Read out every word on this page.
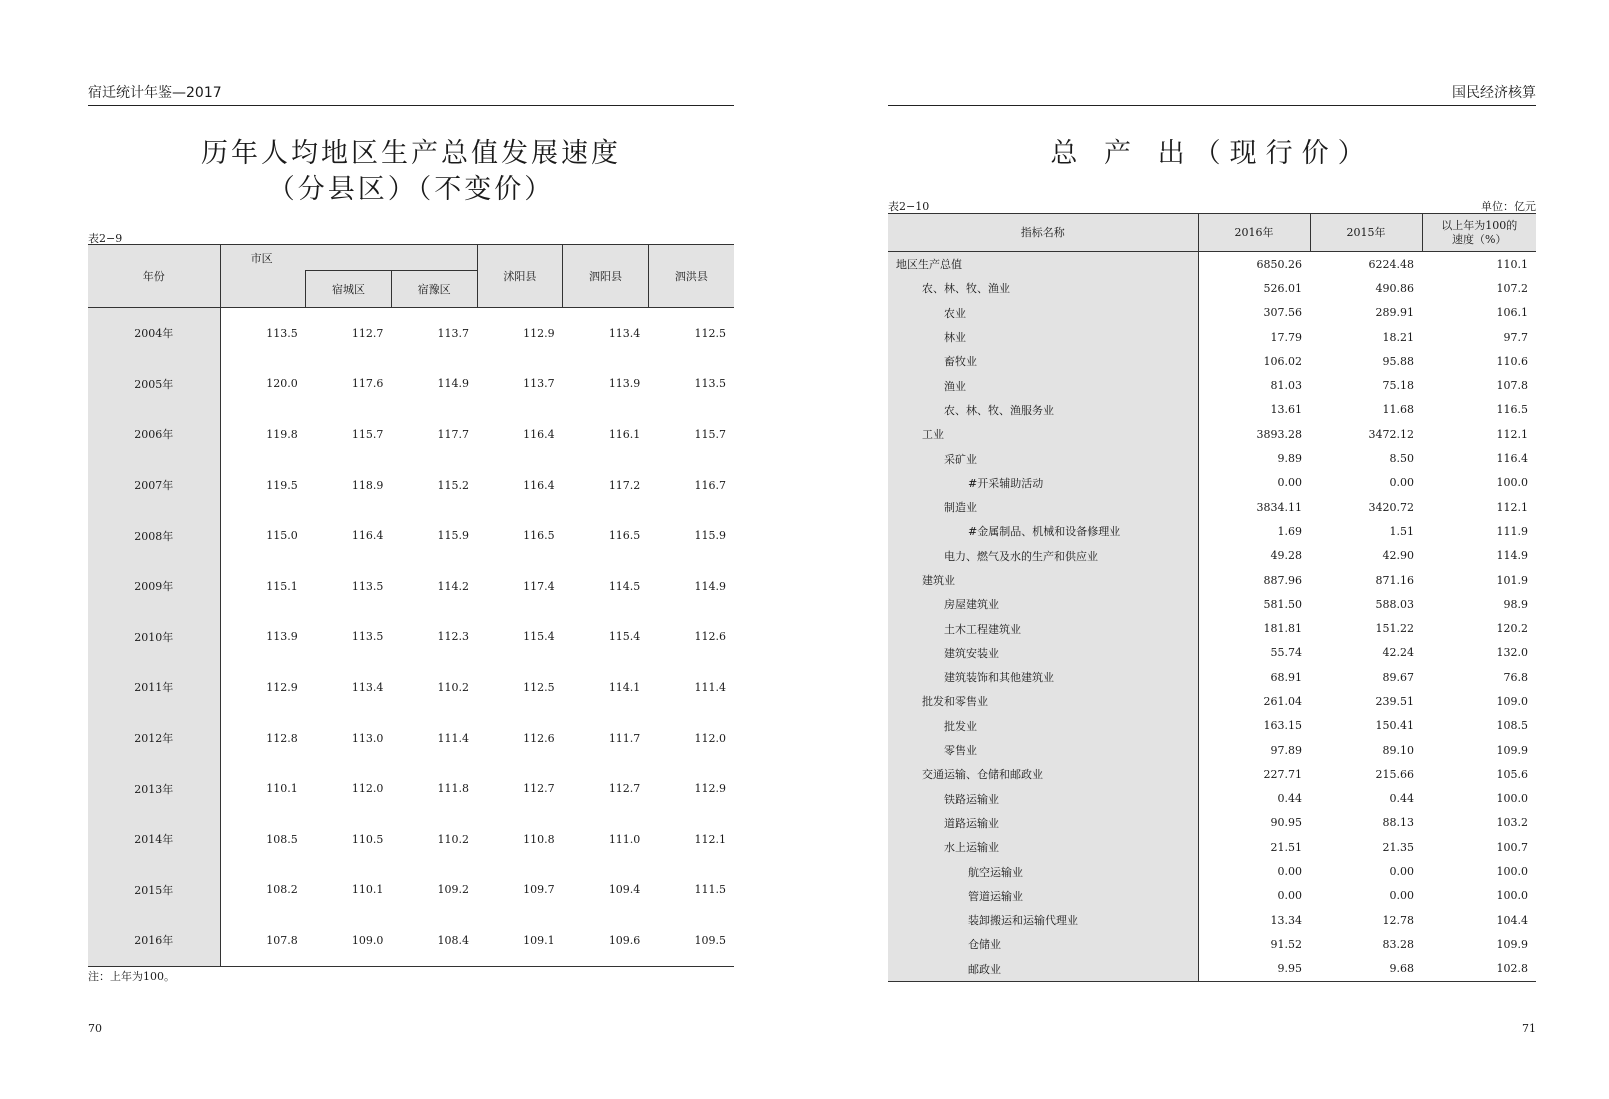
宿迁统计年鉴—2017
历年人均地区生产总值发展速度
（分县区）（不变价）
表2−9
年份	市区			沭阳县	泗阳县	泗洪县
		宿城区	宿豫区			
2004年	113.5	112.7	113.7	112.9	113.4	112.5
2005年	120.0	117.6	114.9	113.7	113.9	113.5
2006年	119.8	115.7	117.7	116.4	116.1	115.7
2007年	119.5	118.9	115.2	116.4	117.2	116.7
2008年	115.0	116.4	115.9	116.5	116.5	115.9
2009年	115.1	113.5	114.2	117.4	114.5	114.9
2010年	113.9	113.5	112.3	115.4	115.4	112.6
2011年	112.9	113.4	110.2	112.5	114.1	111.4
2012年	112.8	113.0	111.4	112.6	111.7	112.0
2013年	110.1	112.0	111.8	112.7	112.7	112.9
2014年	108.5	110.5	110.2	110.8	111.0	112.1
2015年	108.2	110.1	109.2	109.7	109.4	111.5
2016年	107.8	109.0	108.4	109.1	109.6	109.5
注：上年为100。
70
国民经济核算
总 产 出（现行价）
表2−10	单位：亿元
指标名称	2016年	2015年	以上年为100的
速度（%）

地区生产总值	6850.26	6224.48	110.1
农、林、牧、渔业	526.01	490.86	107.2
农业	307.56	289.91	106.1
林业	17.79	18.21	97.7
畜牧业	106.02	95.88	110.6
渔业	81.03	75.18	107.8
农、林、牧、渔服务业	13.61	11.68	116.5
工业	3893.28	3472.12	112.1
采矿业	9.89	8.50	116.4
#开采辅助活动	0.00	0.00	100.0
制造业	3834.11	3420.72	112.1
#金属制品、机械和设备修理业	1.69	1.51	111.9
电力、燃气及水的生产和供应业	49.28	42.90	114.9
建筑业	887.96	871.16	101.9
房屋建筑业	581.50	588.03	98.9
土木工程建筑业	181.81	151.22	120.2
建筑安装业	55.74	42.24	132.0
建筑装饰和其他建筑业	68.91	89.67	76.8
批发和零售业	261.04	239.51	109.0
批发业	163.15	150.41	108.5
零售业	97.89	89.10	109.9
交通运输、仓储和邮政业	227.71	215.66	105.6
铁路运输业	0.44	0.44	100.0
道路运输业	90.95	88.13	103.2
水上运输业	21.51	21.35	100.7
航空运输业	0.00	0.00	100.0
管道运输业	0.00	0.00	100.0
装卸搬运和运输代理业	13.34	12.78	104.4
仓储业	91.52	83.28	109.9
邮政业	9.95	9.68	102.8
71
